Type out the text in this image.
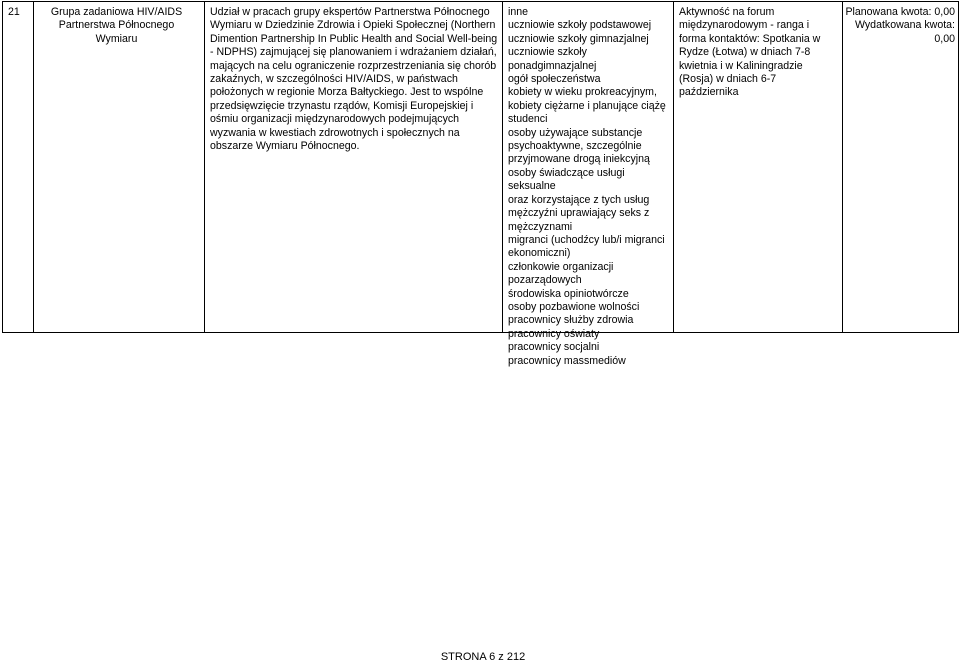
21	Grupa zadaniowa HIV/AIDS Partnerstwa Północnego Wymiaru
Udział w pracach grupy ekspertów Partnerstwa Północnego Wymiaru w Dziedzinie Zdrowia i Opieki Społecznej (Northern Dimention Partnership In Public Health and Social Well-being - NDPHS) zajmującej się planowaniem i wdrażaniem działań, mających na celu ograniczenie rozprzestrzeniania się chorób zakaźnych, w szczególności HIV/AIDS, w państwach położonych w regionie Morza Bałtyckiego. Jest to wspólne przedsięwzięcie trzynastu rządów, Komisji Europejskiej i ośmiu organizacji międzynarodowych podejmujących wyzwania w kwestiach zdrowotnych i społecznych na obszarze Wymiaru Północnego.
inne
uczniowie szkoły podstawowej
uczniowie szkoły gimnazjalnej
uczniowie szkoły ponadgimnazjalnej
ogół społeczeństwa
kobiety w wieku prokreacyjnym,
kobiety ciężarne i planujące ciążę
studenci
osoby używające substancje
psychoaktywne, szczególnie
przyjmowane drogą iniekcyjną
osoby świadczące usługi seksualne
oraz korzystające z tych usług
mężczyźni uprawiający seks z
mężczyznami
migranci (uchodźcy lub/i migranci
ekonomiczni)
członkowie organizacji
pozarządowych
środowiska opiniotwórcze
osoby pozbawione wolności
pracownicy służby zdrowia
pracownicy oświaty
pracownicy socjalni
pracownicy massmediów
Aktywność na forum międzynarodowym - ranga i forma kontaktów: Spotkania w Rydze (Łotwa) w dniach 7-8 kwietnia i w Kaliningradzie (Rosja) w dniach 6-7 października
Planowana kwota: 0,00
Wydatkowana kwota: 0,00
STRONA 6 z 212
